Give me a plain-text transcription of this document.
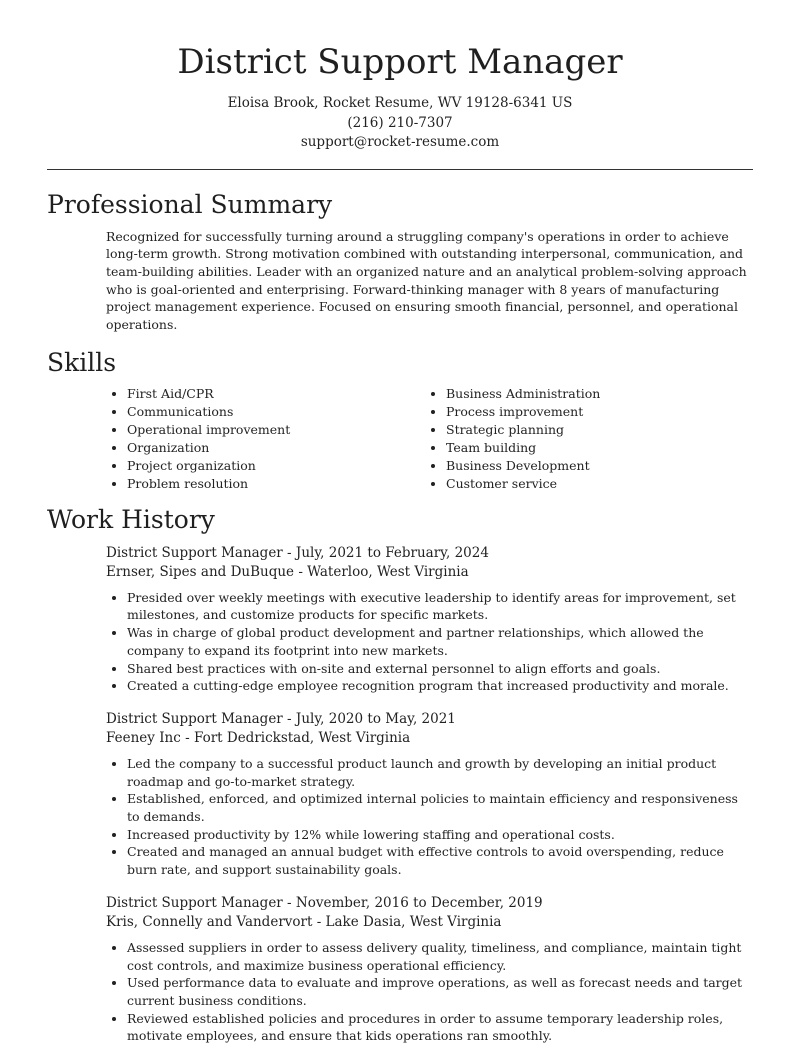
District Support Manager
Eloisa Brook, Rocket Resume, WV 19128-6341 US
(216) 210-7307
support@rocket-resume.com
Professional Summary

Recognized for successfully turning around a struggling company's operations in order to achieve long-term growth. Strong motivation combined with outstanding interpersonal, communication, and team-building abilities. Leader with an organized nature and an analytical problem-solving approach who is goal-oriented and enterprising. Forward-thinking manager with 8 years of manufacturing project management experience. Focused on ensuring smooth financial, personnel, and operational operations.

Skills
• First Aid/CPR
• Communications
• Operational improvement
• Organization
• Project organization
• Problem resolution
• Business Administration
• Process improvement
• Strategic planning
• Team building
• Business Development
• Customer service
Work History
District Support Manager - July, 2021 to February, 2024
Ernser, Sipes and DuBuque - Waterloo, West Virginia
• Presided over weekly meetings with executive leadership to identify areas for improvement, set milestones, and customize products for specific markets.
• Was in charge of global product development and partner relationships, which allowed the company to expand its footprint into new markets.
• Shared best practices with on-site and external personnel to align efforts and goals.
• Created a cutting-edge employee recognition program that increased productivity and morale.
District Support Manager - July, 2020 to May, 2021
Feeney Inc - Fort Dedrickstad, West Virginia
• Led the company to a successful product launch and growth by developing an initial product roadmap and go-to-market strategy.
• Established, enforced, and optimized internal policies to maintain efficiency and responsiveness to demands.
• Increased productivity by 12% while lowering staffing and operational costs.
• Created and managed an annual budget with effective controls to avoid overspending, reduce burn rate, and support sustainability goals.
District Support Manager - November, 2016 to December, 2019
Kris, Connelly and Vandervort - Lake Dasia, West Virginia
• Assessed suppliers in order to assess delivery quality, timeliness, and compliance, maintain tight cost controls, and maximize business operational efficiency.
• Used performance data to evaluate and improve operations, as well as forecast needs and target current business conditions.
• Reviewed established policies and procedures in order to assume temporary leadership roles, motivate employees, and ensure that kids operations ran smoothly.
